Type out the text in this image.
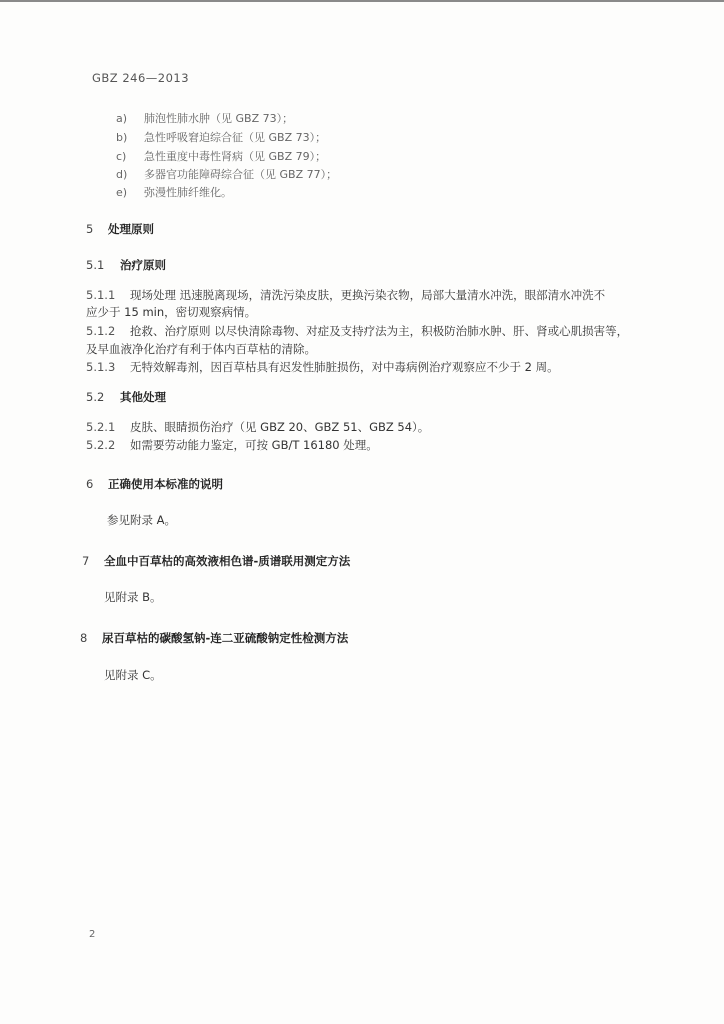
GBZ 246—2013
a) 肺泡性肺水肿（见 GBZ 73）；
b) 急性呼吸窘迫综合征（见 GBZ 73）；
c) 急性重度中毒性肾病（见 GBZ 79）；
d) 多器官功能障碍综合征（见 GBZ 77）；
e) 弥漫性肺纤维化。
5 处理原则
5.1 治疗原则
5.1.1 现场处理 迅速脱离现场，清洗污染皮肤，更换污染衣物，局部大量清水冲洗，眼部清水冲洗不
应少于 15 min，密切观察病情。
5.1.2 抢救、治疗原则 以尽快清除毒物、对症及支持疗法为主，积极防治肺水肿、肝、肾或心肌损害等，
及早血液净化治疗有利于体内百草枯的清除。
5.1.3 无特效解毒剂，因百草枯具有迟发性肺脏损伤，对中毒病例治疗观察应不少于 2 周。
5.2 其他处理
5.2.1 皮肤、眼睛损伤治疗（见 GBZ 20、GBZ 51、GBZ 54）。
5.2.2 如需要劳动能力鉴定，可按 GB/T 16180 处理。
6 正确使用本标准的说明
参见附录 A。
7 全血中百草枯的高效液相色谱-质谱联用测定方法
见附录 B。
8 尿百草枯的碳酸氢钠-连二亚硫酸钠定性检测方法
见附录 C。
2
